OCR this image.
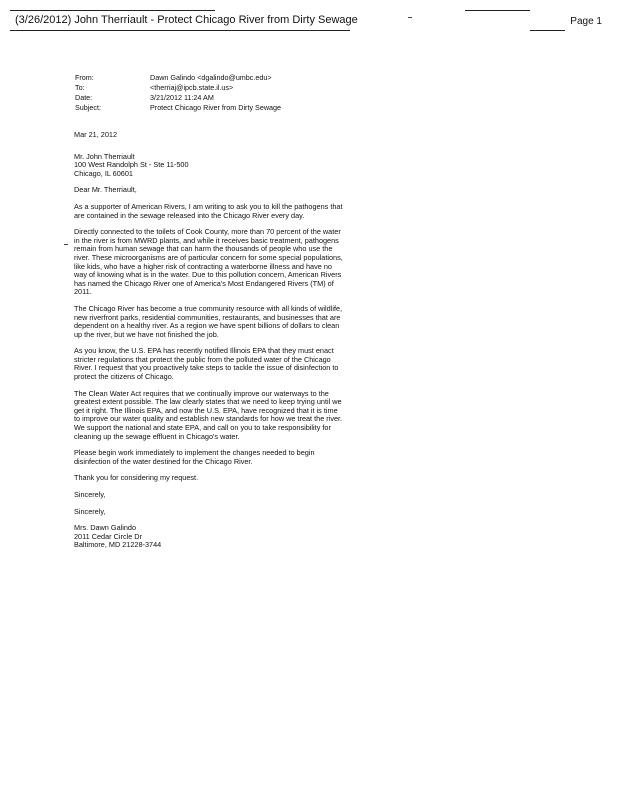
(3/26/2012) John Therriault - Protect Chicago River from Dirty Sewage	Page 1
From:	Dawn Galindo <dgalindo@umbc.edu>
To:	<therriaj@ipcb.state.il.us>
Date:	3/21/2012 11:24 AM
Subject:	Protect Chicago River from Dirty Sewage
Mar 21, 2012
Mr. John Therriault
100 West Randolph St - Ste 11-500
Chicago, IL 60601
Dear Mr. Therriault,

As a supporter of American Rivers, I am writing to ask you to kill the pathogens that are contained in the sewage released into the Chicago River every day.

Directly connected to the toilets of Cook County, more than 70 percent of the water in the river is from MWRD plants, and while it receives basic treatment, pathogens remain from human sewage that can harm the thousands of people who use the river. These microorganisms are of particular concern for some special populations, like kids, who have a higher risk of contracting a waterborne illness and have no way of knowing what is in the water. Due to this pollution concern, American Rivers has named the Chicago River one of America's Most Endangered Rivers (TM) of 2011.

The Chicago River has become a true community resource with all kinds of wildlife, new riverfront parks, residential communities, restaurants, and businesses that are dependent on a healthy river. As a region we have spent billions of dollars to clean up the river, but we have not finished the job.

As you know, the U.S. EPA has recently notified Illinois EPA that they must enact stricter regulations that protect the public from the polluted water of the Chicago River. I request that you proactively take steps to tackle the issue of disinfection to protect the citizens of Chicago.

The Clean Water Act requires that we continually improve our waterways to the greatest extent possible. The law clearly states that we need to keep trying until we get it right. The Illinois EPA, and now the U.S. EPA, have recognized that it is time to improve our water quality and establish new standards for how we treat the river. We support the national and state EPA, and call on you to take responsibility for cleaning up the sewage effluent in Chicago's water.

Please begin work immediately to implement the changes needed to begin disinfection of the water destined for the Chicago River.

Thank you for considering my request.

Sincerely,
Sincerely,
Mrs. Dawn Galindo
2011 Cedar Circle Dr
Baltimore, MD 21228-3744
